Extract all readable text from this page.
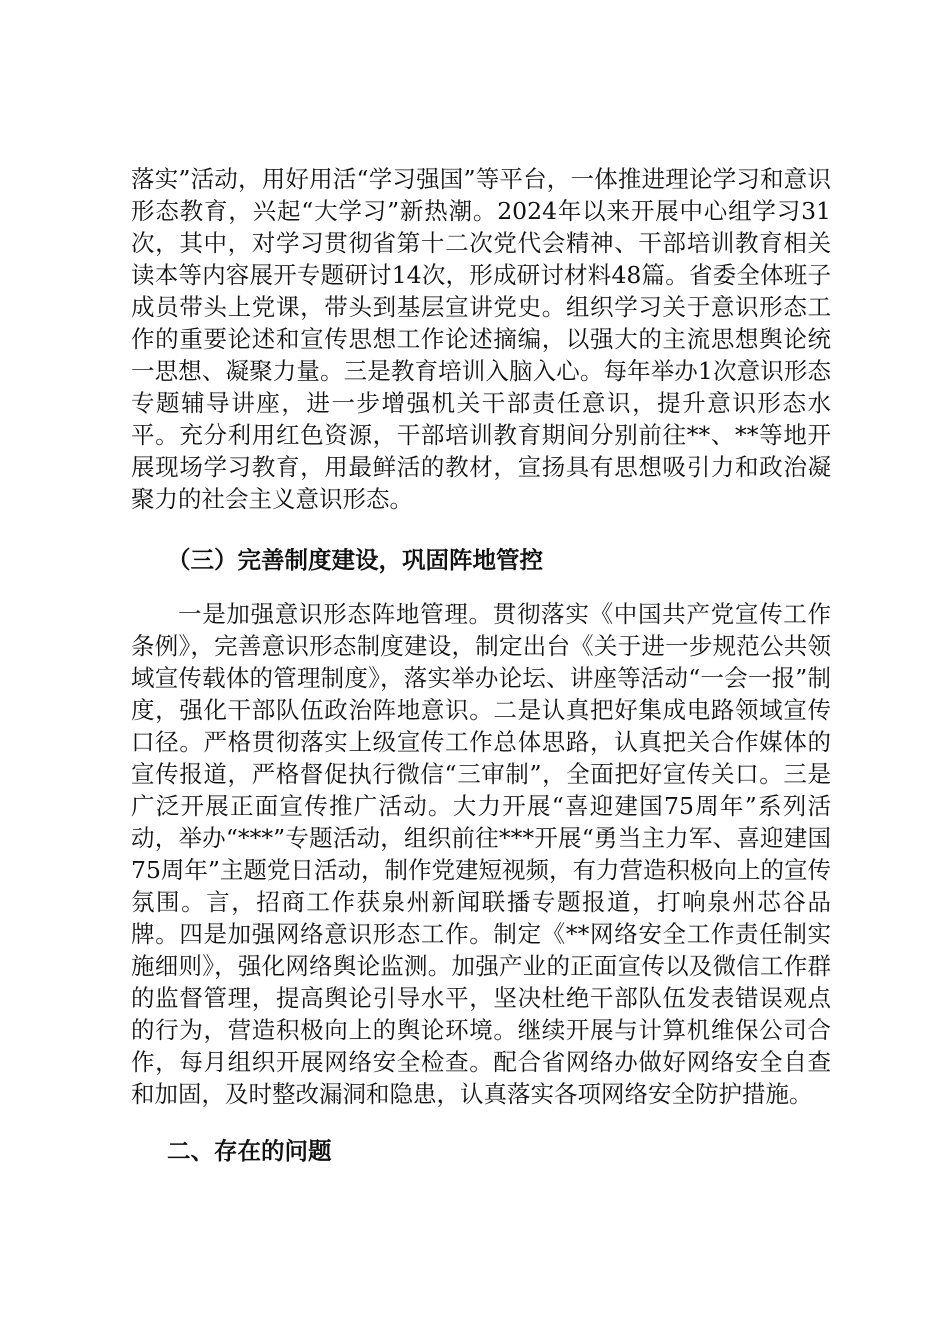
落实”活动，用好用活“学习强国”等平台，一体推进理论学习和意识形态教育，兴起“大学习”新热潮。2024年以来开展中心组学习31次，其中，对学习贯彻省第十二次党代会精神、干部培训教育相关读本等内容展开专题研讨14次，形成研讨材料48篇。省委全体班子成员带头上党课，带头到基层宣讲党史。组织学习关于意识形态工作的重要论述和宣传思想工作论述摘编，以强大的主流思想舆论统一思想、凝聚力量。三是教育培训入脑入心。每年举办1次意识形态专题辅导讲座，进一步增强机关干部责任意识，提升意识形态水平。充分利用红色资源，干部培训教育期间分别前往**、**等地开展现场学习教育，用最鲜活的教材，宣扬具有思想吸引力和政治凝聚力的社会主义意识形态。

（三）完善制度建设，巩固阵地管控

一是加强意识形态阵地管理。贯彻落实《中国共产党宣传工作条例》，完善意识形态制度建设，制定出台《关于进一步规范公共领域宣传载体的管理制度》，落实举办论坛、讲座等活动“一会一报”制度，强化干部队伍政治阵地意识。二是认真把好集成电路领域宣传口径。严格贯彻落实上级宣传工作总体思路，认真把关合作媒体的宣传报道，严格督促执行微信“三审制”，全面把好宣传关口。三是广泛开展正面宣传推广活动。大力开展“喜迎建国75周年”系列活动，举办“***”专题活动，组织前往***开展“勇当主力军、喜迎建国75周年”主题党日活动，制作党建短视频，有力营造积极向上的宣传氛围。言，招商工作获泉州新闻联播专题报道，打响泉州芯谷品牌。四是加强网络意识形态工作。制定《**网络安全工作责任制实施细则》，强化网络舆论监测。加强产业的正面宣传以及微信工作群的监督管理，提高舆论引导水平，坚决杜绝干部队伍发表错误观点的行为，营造积极向上的舆论环境。继续开展与计算机维保公司合作，每月组织开展网络安全检查。配合省网络办做好网络安全自查和加固，及时整改漏洞和隐患，认真落实各项网络安全防护措施。

二、存在的问题
